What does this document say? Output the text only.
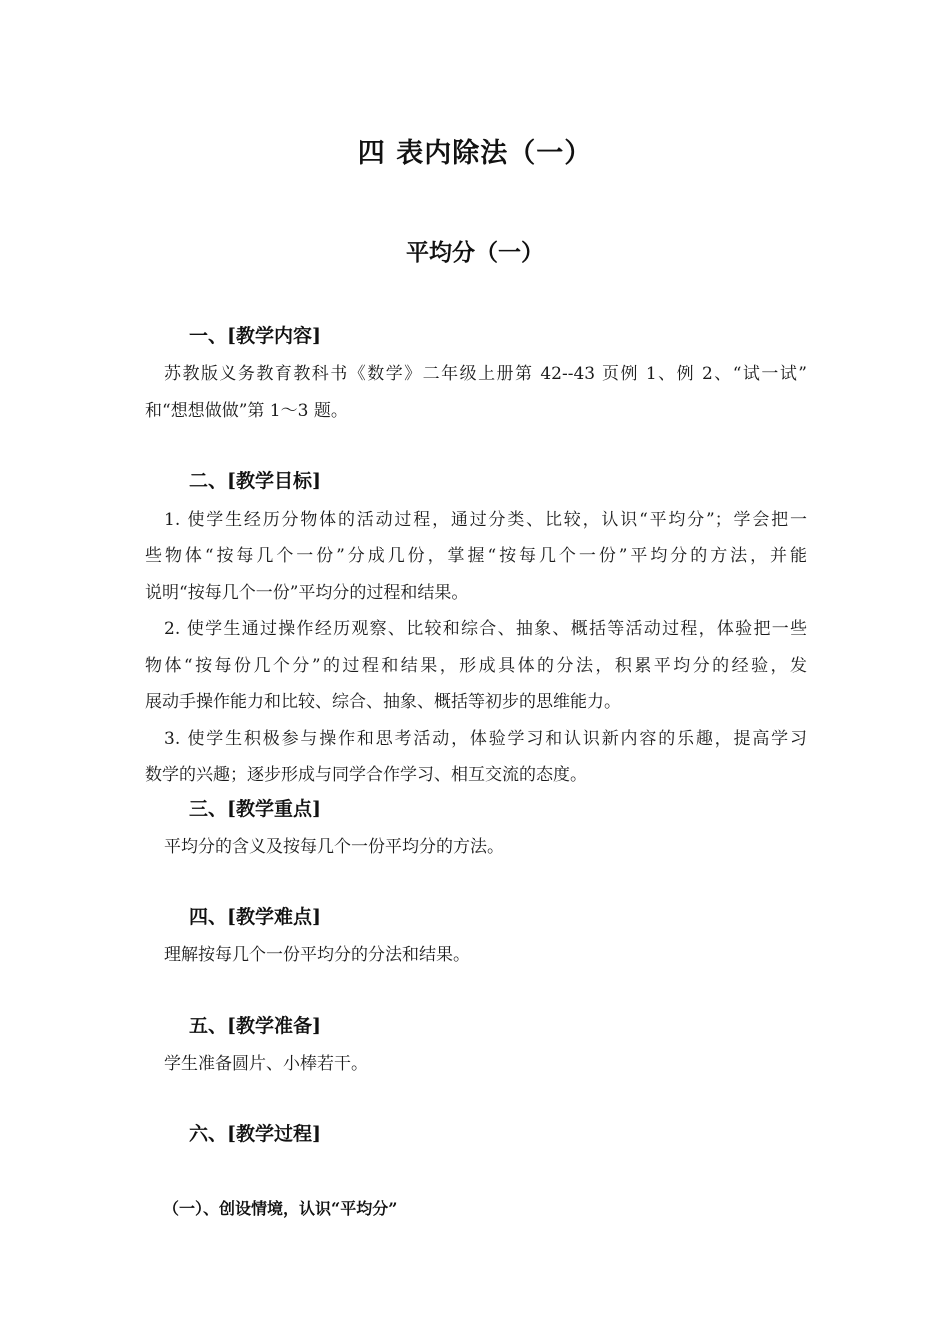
四 表内除法（一）
平均分（一）
一、[教学内容]
苏教版义务教育教科书《数学》二年级上册第 42--43 页例 1、例 2、“试一试”
和“想想做做”第 1～3 题。
二、[教学目标]
1. 使学生经历分物体的活动过程，通过分类、比较，认识“平均分”；学会把一
些物体“按每几个一份”分成几份，掌握“按每几个一份”平均分的方法，并能
说明“按每几个一份”平均分的过程和结果。
2. 使学生通过操作经历观察、比较和综合、抽象、概括等活动过程，体验把一些
物体“按每份几个分”的过程和结果，形成具体的分法，积累平均分的经验，发
展动手操作能力和比较、综合、抽象、概括等初步的思维能力。
3. 使学生积极参与操作和思考活动，体验学习和认识新内容的乐趣，提高学习
数学的兴趣；逐步形成与同学合作学习、相互交流的态度。
三、[教学重点]
平均分的含义及按每几个一份平均分的方法。
四、[教学难点]
理解按每几个一份平均分的分法和结果。
五、[教学准备]
学生准备圆片、小棒若干。
六、[教学过程]
（一）、创设情境，认识“平均分”
